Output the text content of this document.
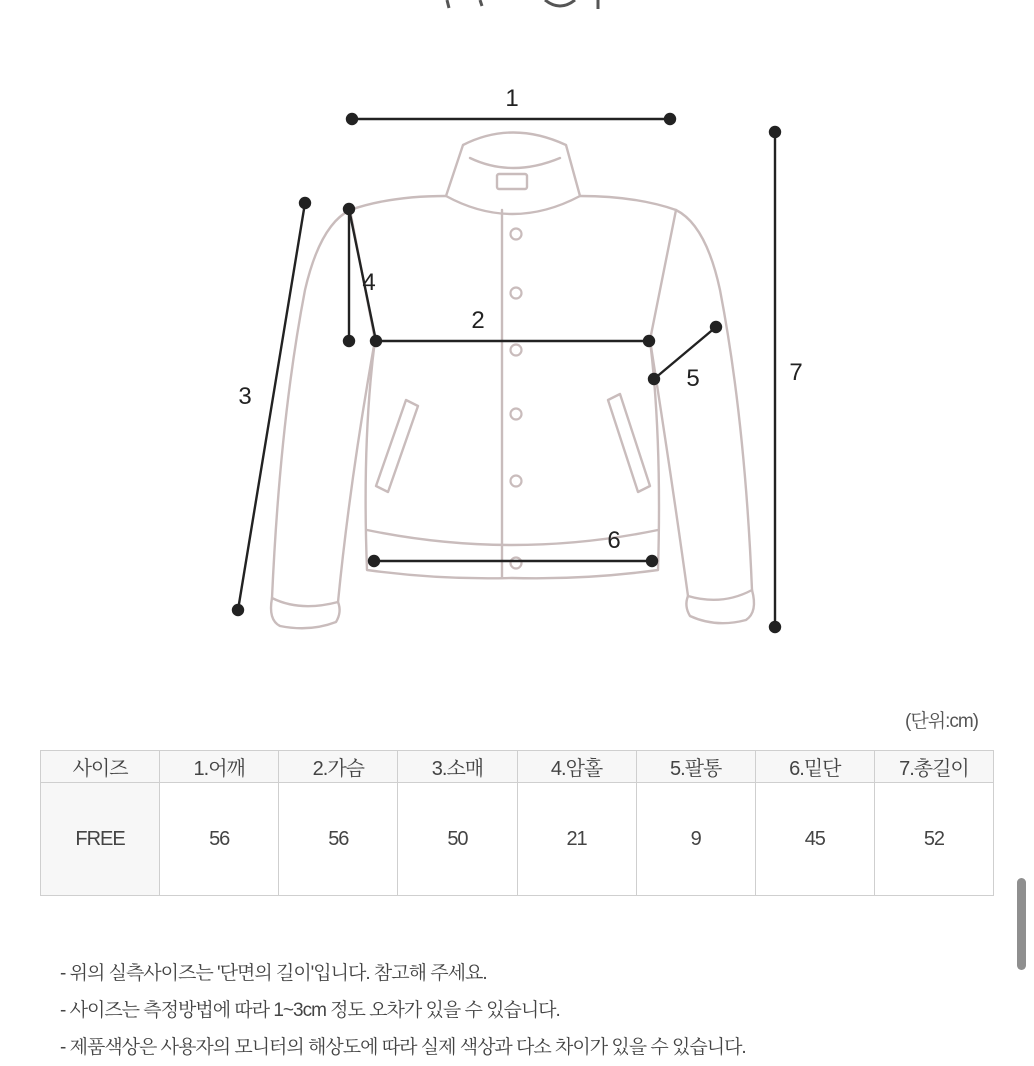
1
2
3
4
5
6
7
(단위:cm)
사이즈	1.어깨	2.가슴	3.소매	4.암홀	5.팔통	6.밑단	7.총길이
FREE	56	56	50	21	9	45	52
- 위의 실측사이즈는 '단면의 길이'입니다. 참고해 주세요.
- 사이즈는 측정방법에 따라 1~3cm 정도 오차가 있을 수 있습니다.
- 제품색상은 사용자의 모니터의 해상도에 따라 실제 색상과 다소 차이가 있을 수 있습니다.
